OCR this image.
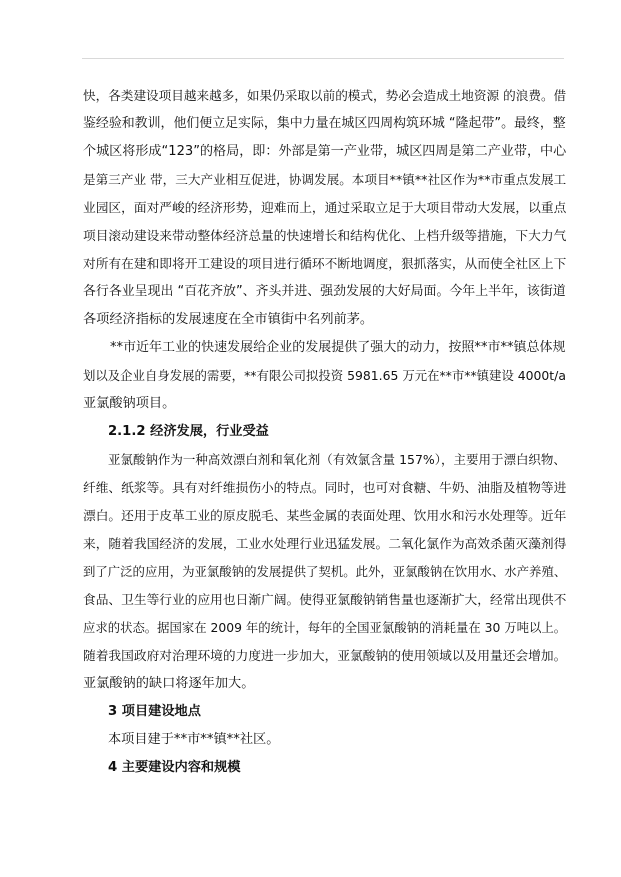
快，各类建设项目越来越多，如果仍采取以前的模式，势必会造成土地资源 的浪费。借
鉴经验和教训，他们便立足实际，集中力量在城区四周构筑环城 “隆起带”。最终，整
个城区将形成“123”的格局，即：外部是第一产业带，城区四周是第二产业带，中心
是第三产业 带，三大产业相互促进，协调发展。本项目**镇**社区作为**市重点发展工
业园区，面对严峻的经济形势，迎难而上，通过采取立足于大项目带动大发展，以重点
项目滚动建设来带动整体经济总量的快速增长和结构优化、上档升级等措施，下大力气
对所有在建和即将开工建设的项目进行循环不断地调度，狠抓落实，从而使全社区上下
各行各业呈现出 “百花齐放”、齐头并进、强劲发展的大好局面。今年上半年，该街道
各项经济指标的发展速度在全市镇街中名列前茅。
**市近年工业的快速发展给企业的发展提供了强大的动力，按照**市**镇总体规
划以及企业自身发展的需要，**有限公司拟投资 5981.65 万元在**市**镇建设 4000t/a
亚氯酸钠项目。
2.1.2 经济发展，行业受益
亚氯酸钠作为一种高效漂白剂和氧化剂（有效氯含量 157%），主要用于漂白织物、
纤维、纸浆等。具有对纤维损伤小的特点。同时，也可对食糖、牛奶、油脂及植物等进
漂白。还用于皮革工业的原皮脱毛、某些金属的表面处理、饮用水和污水处理等。近年
来，随着我国经济的发展，工业水处理行业迅猛发展。二氧化氯作为高效杀菌灭藻剂得
到了广泛的应用，为亚氯酸钠的发展提供了契机。此外，亚氯酸钠在饮用水、水产养殖、
食品、卫生等行业的应用也日渐广阔。使得亚氯酸钠销售量也逐渐扩大，经常出现供不
应求的状态。据国家在 2009 年的统计，每年的全国亚氯酸钠的消耗量在 30 万吨以上。
随着我国政府对治理环境的力度进一步加大，亚氯酸钠的使用领域以及用量还会增加。
亚氯酸钠的缺口将逐年加大。
3 项目建设地点
本项目建于**市**镇**社区。
4 主要建设内容和规模
